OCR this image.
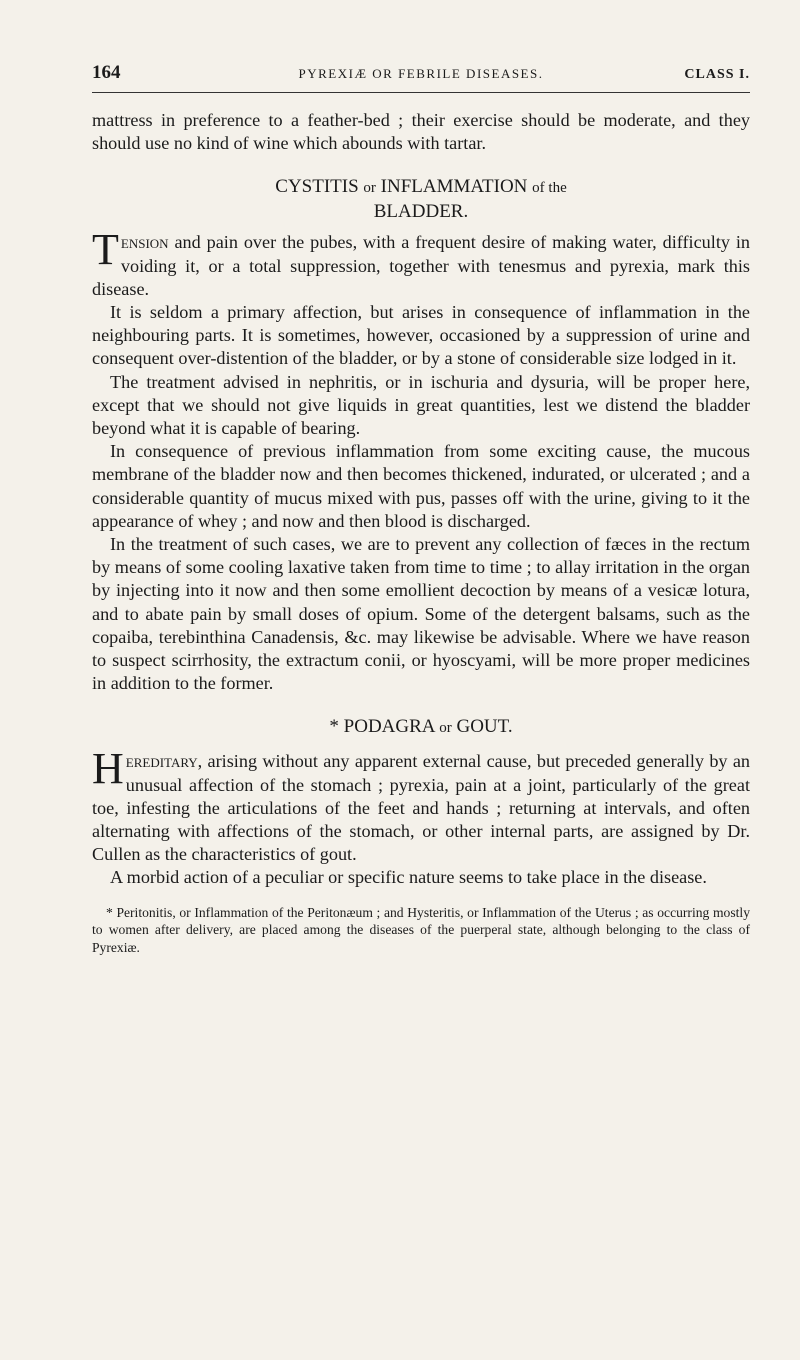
164	PYREXIÆ OR FEBRILE DISEASES.	CLASS I.

mattress in preference to a feather-bed ; their exercise should be moderate, and they should use no kind of wine which abounds with tartar.

CYSTITIS or INFLAMMATION of the
BLADDER.

Tension and pain over the pubes, with a frequent desire of making water, difficulty in voiding it, or a total suppression, together with tenesmus and pyrexia, mark this disease.

It is seldom a primary affection, but arises in consequence of inflammation in the neighbouring parts. It is sometimes, however, occasioned by a suppression of urine and consequent over-distention of the bladder, or by a stone of considerable size lodged in it.

The treatment advised in nephritis, or in ischuria and dysuria, will be proper here, except that we should not give liquids in great quantities, lest we distend the bladder beyond what it is capable of bearing.

In consequence of previous inflammation from some exciting cause, the mucous membrane of the bladder now and then becomes thickened, indurated, or ulcerated ; and a considerable quantity of mucus mixed with pus, passes off with the urine, giving to it the appearance of whey ; and now and then blood is discharged.

In the treatment of such cases, we are to prevent any collection of fæces in the rectum by means of some cooling laxative taken from time to time ; to allay irritation in the organ by injecting into it now and then some emollient decoction by means of a vesicæ lotura, and to abate pain by small doses of opium. Some of the detergent balsams, such as the copaiba, terebinthina Canadensis, &c. may likewise be advisable. Where we have reason to suspect scirrhosity, the extractum conii, or hyoscyami, will be more proper medicines in addition to the former.

* PODAGRA or GOUT.

Hereditary, arising without any apparent external cause, but preceded generally by an unusual affection of the stomach ; pyrexia, pain at a joint, particularly of the great toe, infesting the articulations of the feet and hands ; returning at intervals, and often alternating with affections of the stomach, or other internal parts, are assigned by Dr. Cullen as the characteristics of gout.

A morbid action of a peculiar or specific nature seems to take place in the disease.

* Peritonitis, or Inflammation of the Peritonæum ; and Hysteritis, or Inflammation of the Uterus ; as occurring mostly to women after delivery, are placed among the diseases of the puerperal state, although belonging to the class of Pyrexiæ.
